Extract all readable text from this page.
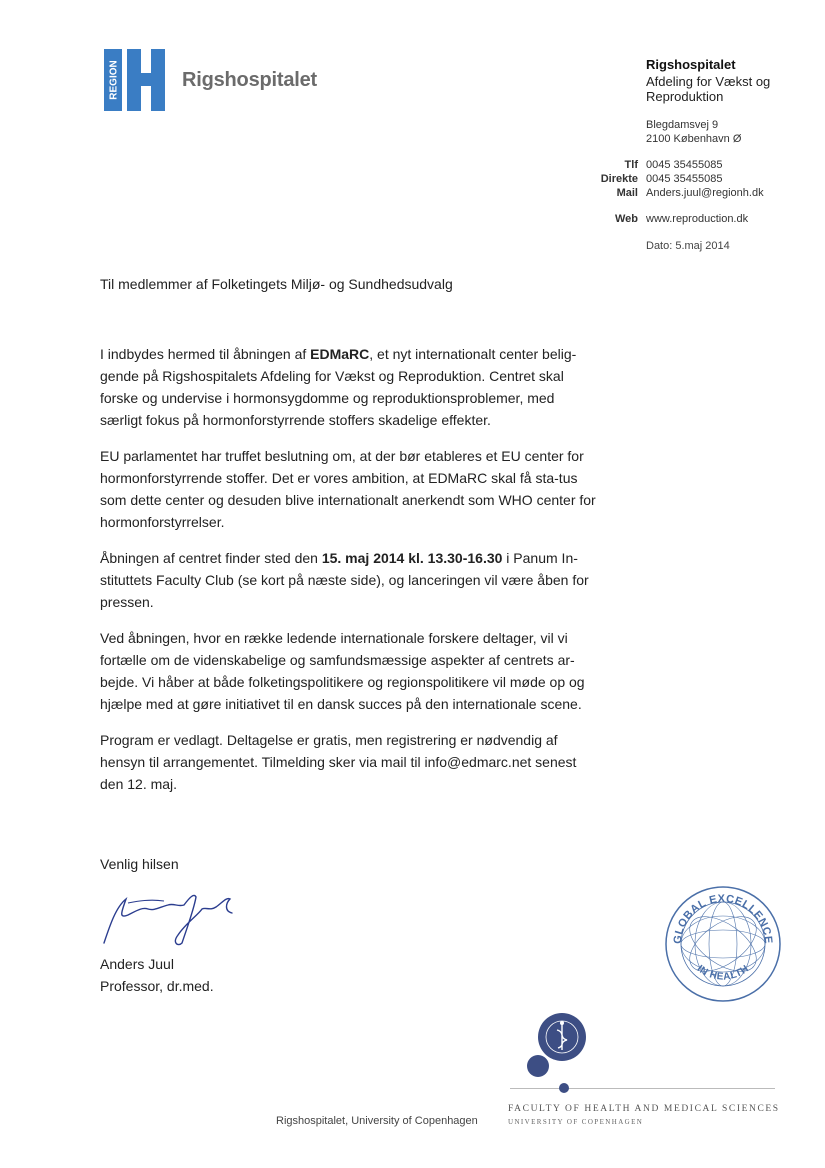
REGION	Rigshospitalet
Rigshospitalet
Afdeling for Vækst og Reproduktion
Blegdamsvej 9
2100 København Ø
Tlf 0045 35455085
Direkte 0045 35455085
Mail Anders.juul@regionh.dk
Web www.reproduction.dk
Dato: 5.maj 2014
Til medlemmer af Folketingets Miljø- og Sundhedsudvalg

I indbydes hermed til åbningen af EDMaRC, et nyt internationalt center belig-gende på Rigshospitalets Afdeling for Vækst og Reproduktion. Centret skal forske og undervise i hormonsygdomme og reproduktionsproblemer, med særligt fokus på hormonforstyrrende stoffers skadelige effekter.

EU parlamentet har truffet beslutning om, at der bør etableres et EU center for hormonforstyrrende stoffer. Det er vores ambition, at EDMaRC skal få sta-tus som dette center og desuden blive internationalt anerkendt som WHO center for hormonforstyrrelser.

Åbningen af centret finder sted den 15. maj 2014 kl. 13.30-16.30 i Panum In-stituttets Faculty Club (se kort på næste side), og lanceringen vil være åben for pressen.

Ved åbningen, hvor en række ledende internationale forskere deltager, vil vi fortælle om de videnskabelige og samfundsmæssige aspekter af centrets ar-bejde. Vi håber at både folketingspolitikere og regionspolitikere vil møde op og hjælpe med at gøre initiativet til en dansk succes på den internationale scene.

Program er vedlagt. Deltagelse er gratis, men registrering er nødvendig af hensyn til arrangementet. Tilmelding sker via mail til info@edmarc.net senest den 12. maj.

Venlig hilsen
Anders Juul
Professor, dr.med.
GLOBAL EXCELLENCE
IN HEALTH
FACULTY OF HEALTH AND MEDICAL SCIENCES
UNIVERSITY OF COPENHAGEN
Rigshospitalet, University of Copenhagen
